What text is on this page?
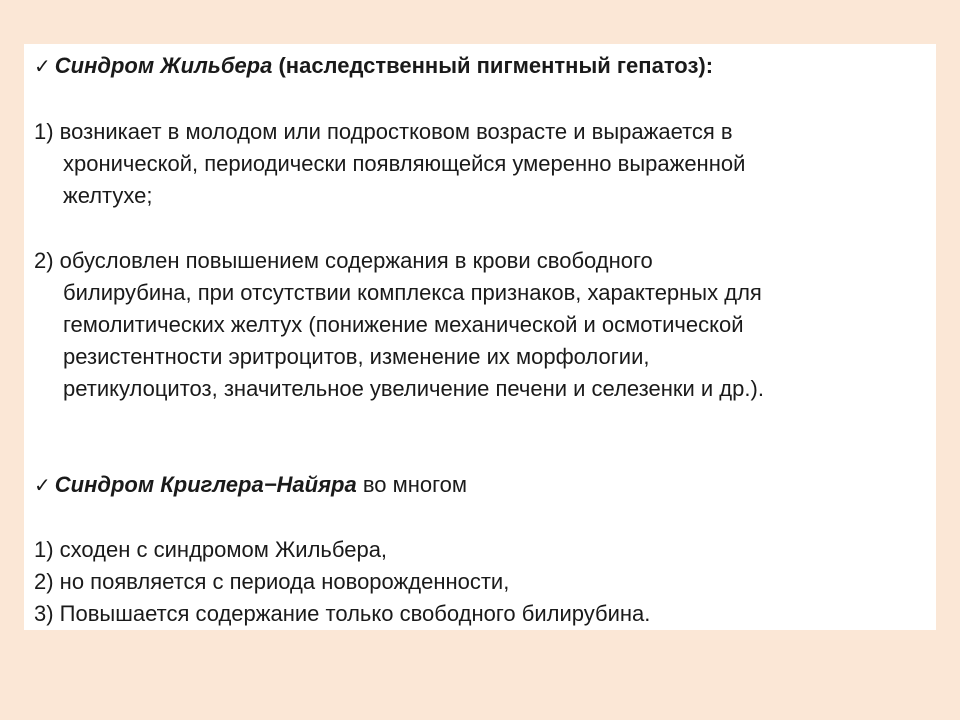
✓ Синдром Жильбера (наследственный пигментный гепатоз):
1) возникает в молодом или подростковом возрасте и выражается в
хронической, периодически появляющейся умеренно выраженной
желтухе;
2) обусловлен повышением содержания в крови свободного
билирубина, при отсутствии комплекса признаков, характерных для
гемолитических желтух (понижение механической и осмотической
резистентности эритроцитов, изменение их морфологии,
ретикулоцитоз, значительное увеличение печени и селезенки и др.).
✓ Синдром Криглера−Найяра во многом
1) сходен с синдромом Жильбера,
2) но появляется с периода новорожденности,
3) Повышается содержание только свободного билирубина.
